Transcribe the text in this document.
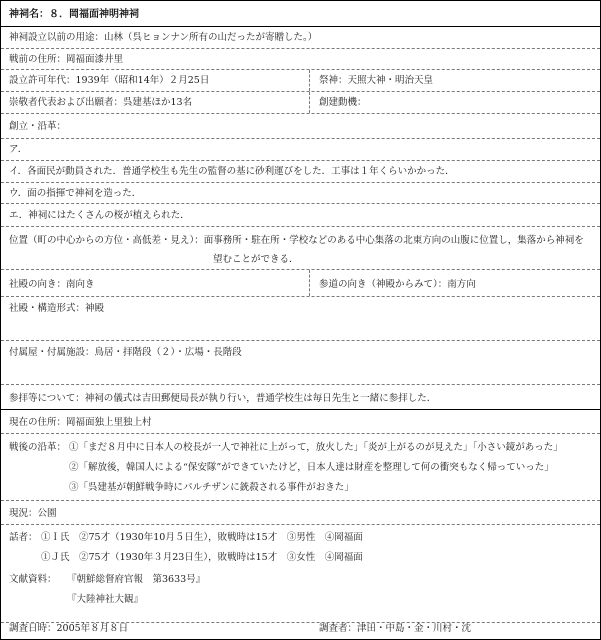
神祠名：８．岡福面神明神祠
神祠設立以前の用途：山林（呉ヒョンナン所有の山だったが寄贈した。）
戦前の住所：岡福面漆井里
設立許可年代：1939年（昭和14年）２月25日	祭神：天照大神・明治天皇
崇敬者代表および出願者：呉建基ほか13名	創建動機：
創立・沿革：
ア．
イ．各面民が動員された．普通学校生も先生の監督の基に砂利運びをした．工事は１年くらいかかった．
ウ．面の指揮で神祠を造った．
エ．神祠にはたくさんの桜が植えられた．
位置（町の中心からの方位・高低差・見え）：面事務所・駐在所・学校などのある中心集落の北東方向の山腹に位置し，集落から神祠を
望むことができる．
社殿の向き：南向き	参道の向き（神殿からみて）：南方向
社殿・構造形式：神殿
付属屋・付属施設：鳥居・拝階段（２）・広場・長階段
参拝等について：神祠の儀式は吉田郵便局長が執り行い，普通学校生は毎日先生と一緒に参拝した．
現在の住所：岡福面独上里独上村
戦後の沿革： ①「まだ８月中に日本人の校長が一人で神社に上がって，放火した」「炎が上がるのが見えた」「小さい鏡があった」
②「解放後，韓国人による“保安隊”ができていたけど，日本人達は財産を整理して何の衝突もなく帰っていった」
③「呉建基が朝鮮戦争時にパルチザンに銃殺される事件がおきた」
現況：公園
話者： ①Ｉ氏　②75才（1930年10月５日生），敗戦時は15才　③男性　④岡福面
①Ｊ氏　②75才（1930年３月23日生），敗戦時は15才　③女性　④岡福面
文献資料： 『朝鮮総督府官報　第3633号』
『大陸神社大観』
調査日時：2005年８月８日	調査者：津田・中島・金・川村・沈
